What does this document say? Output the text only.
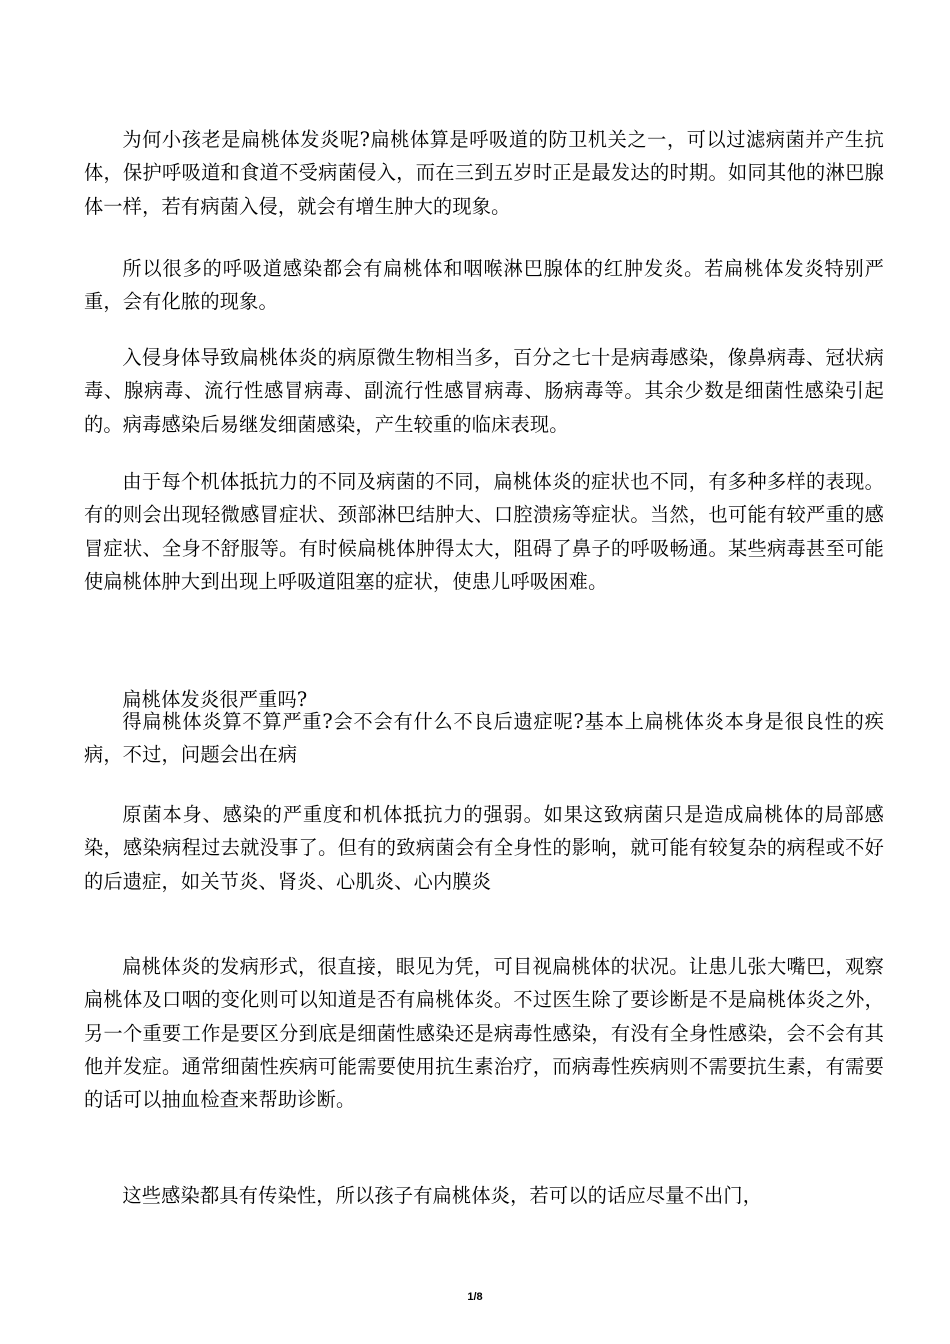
为何小孩老是扁桃体发炎呢?扁桃体算是呼吸道的防卫机关之一，可以过滤病菌并产生抗体，保护呼吸道和食道不受病菌侵入，而在三到五岁时正是最发达的时期。如同其他的淋巴腺体一样，若有病菌入侵，就会有增生肿大的现象。

所以很多的呼吸道感染都会有扁桃体和咽喉淋巴腺体的红肿发炎。若扁桃体发炎特别严重，会有化脓的现象。

入侵身体导致扁桃体炎的病原微生物相当多，百分之七十是病毒感染，像鼻病毒、冠状病毒、腺病毒、流行性感冒病毒、副流行性感冒病毒、肠病毒等。其余少数是细菌性感染引起的。病毒感染后易继发细菌感染，产生较重的临床表现。

由于每个机体抵抗力的不同及病菌的不同，扁桃体炎的症状也不同，有多种多样的表现。有的则会出现轻微感冒症状、颈部淋巴结肿大、口腔溃疡等症状。当然，也可能有较严重的感冒症状、全身不舒服等。有时候扁桃体肿得太大，阻碍了鼻子的呼吸畅通。某些病毒甚至可能使扁桃体肿大到出现上呼吸道阻塞的症状，使患儿呼吸困难。

扁桃体发炎很严重吗?

得扁桃体炎算不算严重?会不会有什么不良后遗症呢?基本上扁桃体炎本身是很良性的疾病，不过，问题会出在病

原菌本身、感染的严重度和机体抵抗力的强弱。如果这致病菌只是造成扁桃体的局部感染，感染病程过去就没事了。但有的致病菌会有全身性的影响，就可能有较复杂的病程或不好的后遗症，如关节炎、肾炎、心肌炎、心内膜炎

扁桃体炎的发病形式，很直接，眼见为凭，可目视扁桃体的状况。让患儿张大嘴巴，观察扁桃体及口咽的变化则可以知道是否有扁桃体炎。不过医生除了要诊断是不是扁桃体炎之外，另一个重要工作是要区分到底是细菌性感染还是病毒性感染，有没有全身性感染，会不会有其他并发症。通常细菌性疾病可能需要使用抗生素治疗，而病毒性疾病则不需要抗生素，有需要的话可以抽血检查来帮助诊断。

这些感染都具有传染性，所以孩子有扁桃体炎，若可以的话应尽量不出门，

1/8
